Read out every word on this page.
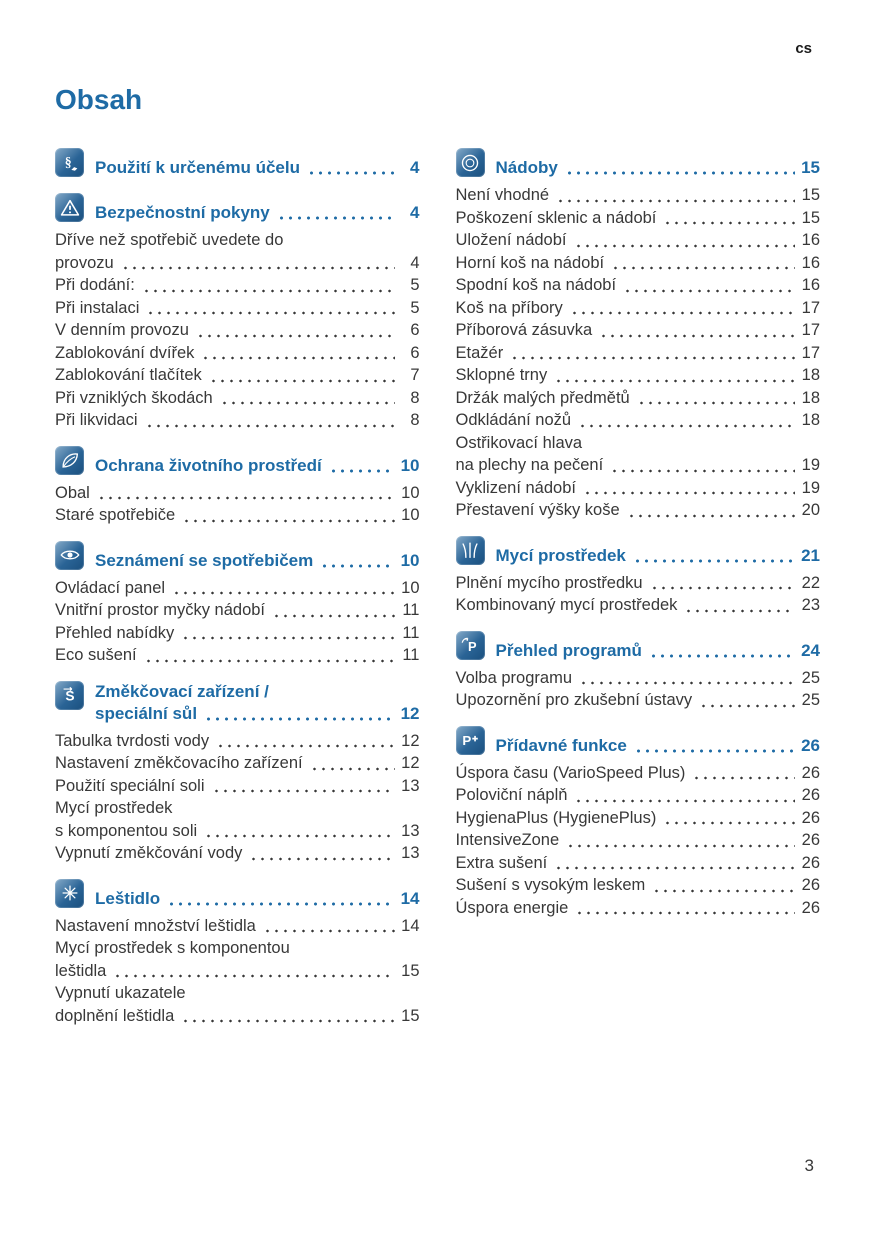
cs
Obsah
§ Použití k určenému účelu	4
Bezpečnostní pokyny	4
Dříve než spotřebič uvedete do
provozu	4
Při dodání:	5
Při instalaci	5
V denním provozu	6
Zablokování dvířek	6
Zablokování tlačítek	7
Při vzniklých škodách	8
Při likvidaci	8
Ochrana životního prostředí	10
Obal	10
Staré spotřebiče	10
Seznámení se spotřebičem	10
Ovládací panel	10
Vnitřní prostor myčky nádobí	11
Přehled nabídky	11
Eco sušení	11
S Změkčovací zařízení /
speciální sůl	12
Tabulka tvrdosti vody	12
Nastavení změkčovacího zařízení	12
Použití speciální soli	13
Mycí prostředek
s komponentou soli	13
Vypnutí změkčování vody	13
Leštidlo	14
Nastavení množství leštidla	14
Mycí prostředek s komponentou
leštidla	15
Vypnutí ukazatele
doplnění leštidla	15
Nádoby	15
Není vhodné	15
Poškození sklenic a nádobí	15
Uložení nádobí	16
Horní koš na nádobí	16
Spodní koš na nádobí	16
Koš na příbory	17
Příborová zásuvka	17
Etažér	17
Sklopné trny	18
Držák malých předmětů	18
Odkládání nožů	18
Ostřikovací hlava
na plechy na pečení	19
Vyklizení nádobí	19
Přestavení výšky koše	20
Mycí prostředek	21
Plnění mycího prostředku	22
Kombinovaný mycí prostředek	23
P Přehled programů	24
Volba programu	25
Upozornění pro zkušební ústavy	25
P Přídavné funkce	26
Úspora času (VarioSpeed Plus)	26
Poloviční náplň	26
HygienaPlus (HygienePlus)	26
IntensiveZone	26
Extra sušení	26
Sušení s vysokým leskem	26
Úspora energie	26
3
